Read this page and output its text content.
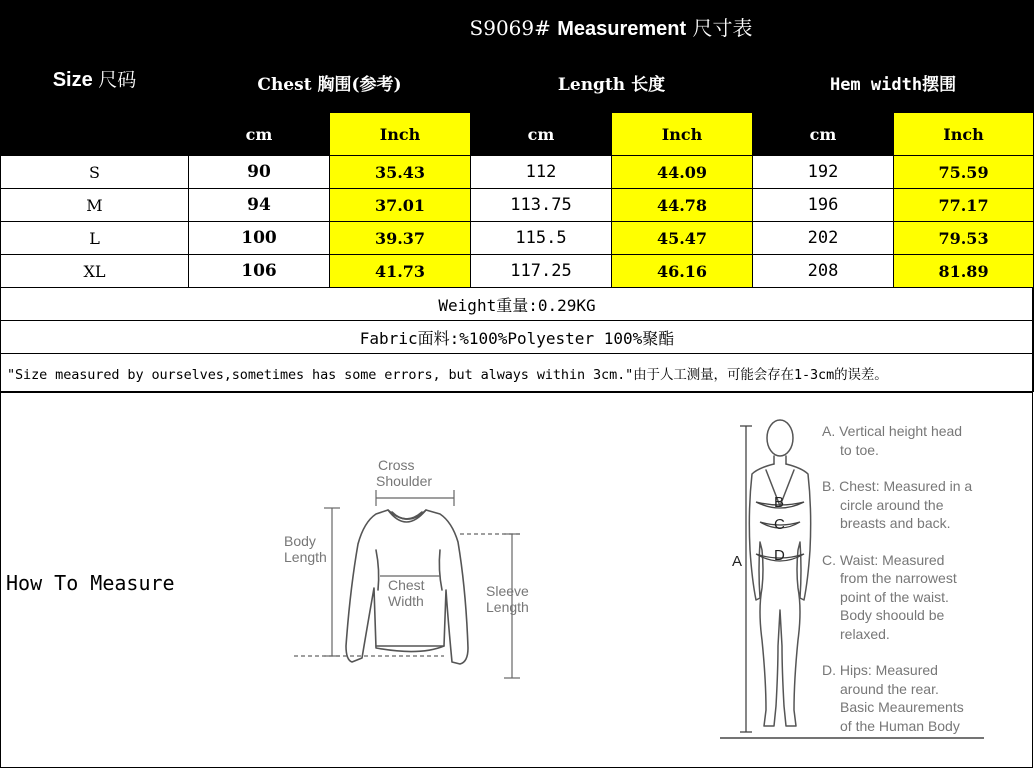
Size 尺码	S9069# Measurement 尺寸表					
	Chest 胸围(参考)		Length 长度		Hem width摆围	
	cm	Inch	cm	Inch	cm	Inch
S	90	35.43	112	44.09	192	75.59
M	94	37.01	113.75	44.78	196	77.17
L	100	39.37	115.5	45.47	202	79.53
XL	106	41.73	117.25	46.16	208	81.89
Weight重量:0.29KG						
Fabric面料:%100%Polyester 100%聚酯						
"Size measured by ourselves,sometimes has some errors, but always within 3cm."由于人工测量，可能会存在1-3cm的误差。						
How To Measure
Cross
Shoulder
Body
Length
Chest
Width
Sleeve
Length
A
B
C
D

A. Vertical height head
to toe.

B. Chest: Measured in a
circle around the
breasts and back.

C. Waist: Measured
from the narrowest
point of the waist.
Body shoould be
relaxed.

D. Hips: Measured
around the rear.
Basic Meaurements
of the Human Body
